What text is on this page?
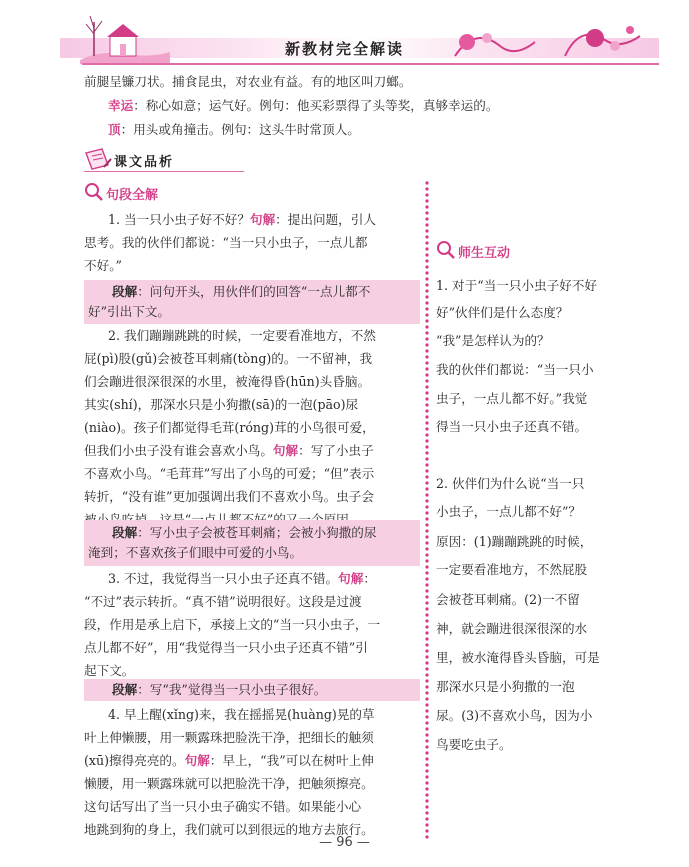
新教材完全解读

前腿呈镰刀状。捕食昆虫，对农业有益。有的地区叫刀螂。

幸运：称心如意；运气好。例句：他买彩票得了头等奖，真够幸运的。

顶：用头或角撞击。例句：这头牛时常顶人。

课文品析
句段全解

1. 当一只小虫子好不好？句解：提出问题，引人

思考。我的伙伴们都说：“当一只小虫子，一点儿都

不好。”

段解：问句开头，用伙伴们的回答“一点儿都不
好”引出下文。

2. 我们蹦蹦跳跳的时候，一定要看准地方，不然

屁(pì)股(gǔ)会被苍耳刺痛(tòng)的。一不留神，我

们会蹦进很深很深的水里，被淹得昏(hūn)头昏脑。

其实(shí)，那深水只是小狗撒(sā)的一泡(pāo)尿

(niào)。孩子们都觉得毛茸(róng)茸的小鸟很可爱，

但我们小虫子没有谁会喜欢小鸟。句解：写了小虫子

不喜欢小鸟。“毛茸茸”写出了小鸟的可爱；“但”表示

转折，“没有谁”更加强调出我们不喜欢小鸟。虫子会

段解：写小虫子会被苍耳刺痛；会被小狗撒的尿
淹到；不喜欢孩子们眼中可爱的小鸟。

3. 不过，我觉得当一只小虫子还真不错。句解：

“不过”表示转折。“真不错”说明很好。这段是过渡

段，作用是承上启下，承接上文的“当一只小虫子，一

点儿都不好”，用“我觉得当一只小虫子还真不错”引

起下文。

段解：写“我”觉得当一只小虫子很好。

4. 早上醒(xǐng)来，我在摇摇晃(huàng)晃的草

叶上伸懒腰，用一颗露珠把脸洗干净，把细长的触须

(xū)擦得亮亮的。句解：早上，“我”可以在树叶上伸

懒腰，用一颗露珠就可以把脸洗干净，把触须擦亮。

这句话写出了当一只小虫子确实不错。如果能小心

地跳到狗的身上，我们就可以到很远的地方去旅行。

师生互动

1. 对于“当一只小虫子好不好

好”伙伴们是什么态度？

“我”是怎样认为的？

我的伙伴们都说：“当一只小

虫子，一点儿都不好。”我觉

得当一只小虫子还真不错。

2. 伙伴们为什么说“当一只

小虫子，一点儿都不好”？

原因：(1)蹦蹦跳跳的时候，

一定要看准地方，不然屁股

会被苍耳刺痛。(2)一不留

神，就会蹦进很深很深的水

里，被水淹得昏头昏脑，可是

那深水只是小狗撒的一泡

尿。(3)不喜欢小鸟，因为小

鸟要吃虫子。

— 96 —
